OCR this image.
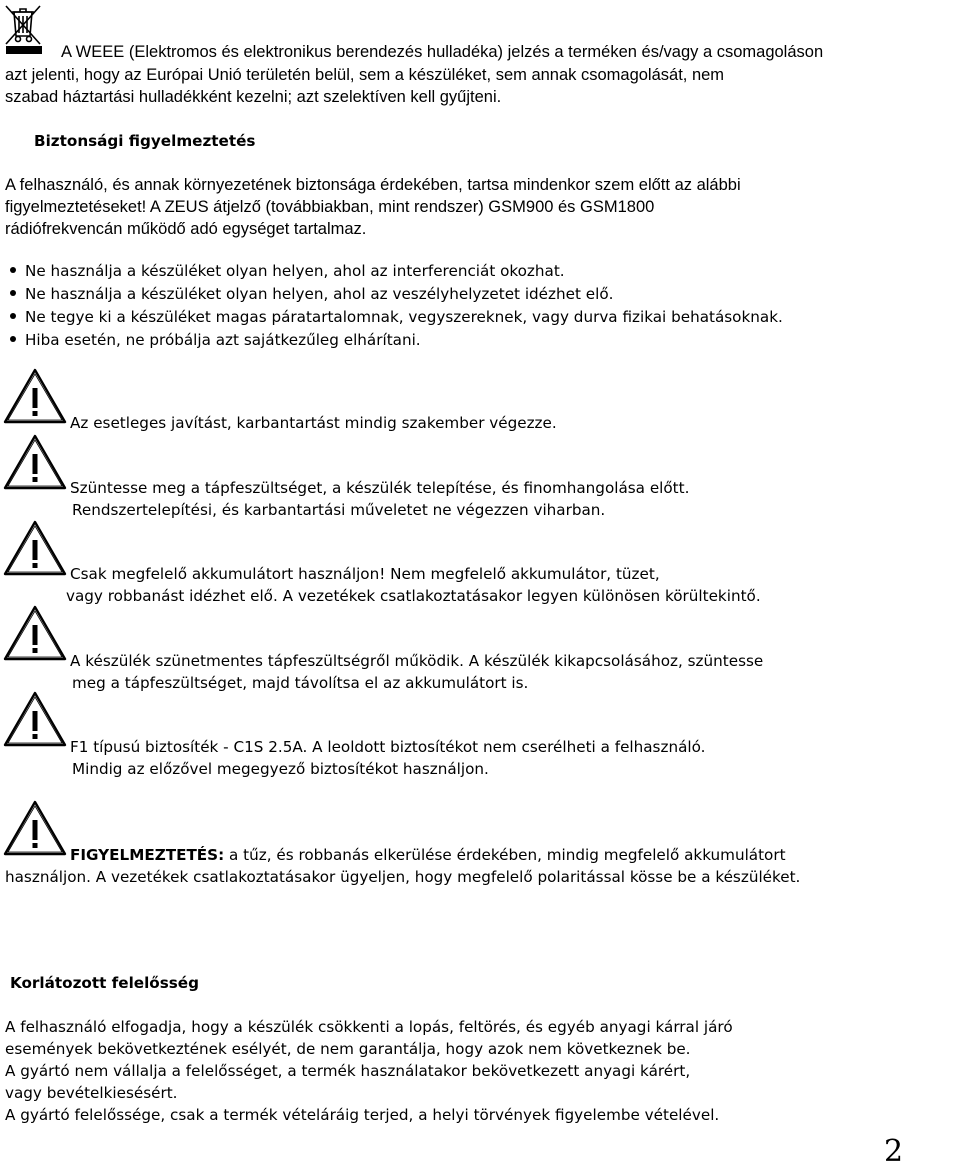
A WEEE (Elektromos és elektronikus berendezés hulladéka) jelzés a terméken és/vagy a csomagoláson
azt jelenti, hogy az Európai Unió területén belül, sem a készüléket, sem annak csomagolását, nem
szabad háztartási hulladékként kezelni; azt szelektíven kell gyűjteni.
Biztonsági figyelmeztetés
A felhasználó, és annak környezetének biztonsága érdekében, tartsa mindenkor szem előtt az alábbi
figyelmeztetéseket! A ZEUS átjelző (továbbiakban, mint rendszer) GSM900 és GSM1800
rádiófrekvencán működő adó egységet tartalmaz.
Ne használja a készüléket olyan helyen, ahol az interferenciát okozhat.
Ne használja a készüléket olyan helyen, ahol az veszélyhelyzetet idézhet elő.
Ne tegye ki a készüléket magas páratartalomnak, vegyszereknek, vagy durva fizikai behatásoknak.
Hiba esetén, ne próbálja azt sajátkezűleg elhárítani.
Az esetleges javítást, karbantartást mindig szakember végezze.
Szüntesse meg a tápfeszültséget, a készülék telepítése, és finomhangolása előtt.
Rendszertelepítési, és karbantartási műveletet ne végezzen viharban.
Csak megfelelő akkumulátort használjon! Nem megfelelő akkumulátor, tüzet,
vagy robbanást idézhet elő. A vezetékek csatlakoztatásakor legyen különösen körültekintő.
A készülék szünetmentes tápfeszültségről működik. A készülék kikapcsolásához, szüntesse
meg a tápfeszültséget, majd távolítsa el az akkumulátort is.
F1 típusú biztosíték - C1S 2.5A. A leoldott biztosítékot nem cserélheti a felhasználó.
Mindig az előzővel megegyező biztosítékot használjon.
FIGYELMEZTETÉS: a tűz, és robbanás elkerülése érdekében, mindig megfelelő akkumulátort
használjon. A vezetékek csatlakoztatásakor ügyeljen, hogy megfelelő polaritással kösse be a készüléket.
Korlátozott felelősség
A felhasználó elfogadja, hogy a készülék csökkenti a lopás, feltörés, és egyéb anyagi kárral járó
események bekövetkeztének esélyét, de nem garantálja, hogy azok nem következnek be.
A gyártó nem vállalja a felelősséget, a termék használatakor bekövetkezett anyagi kárért,
vagy bevételkiesésért.
A gyártó felelőssége, csak a termék vételáráig terjed, a helyi törvények figyelembe vételével.
2
